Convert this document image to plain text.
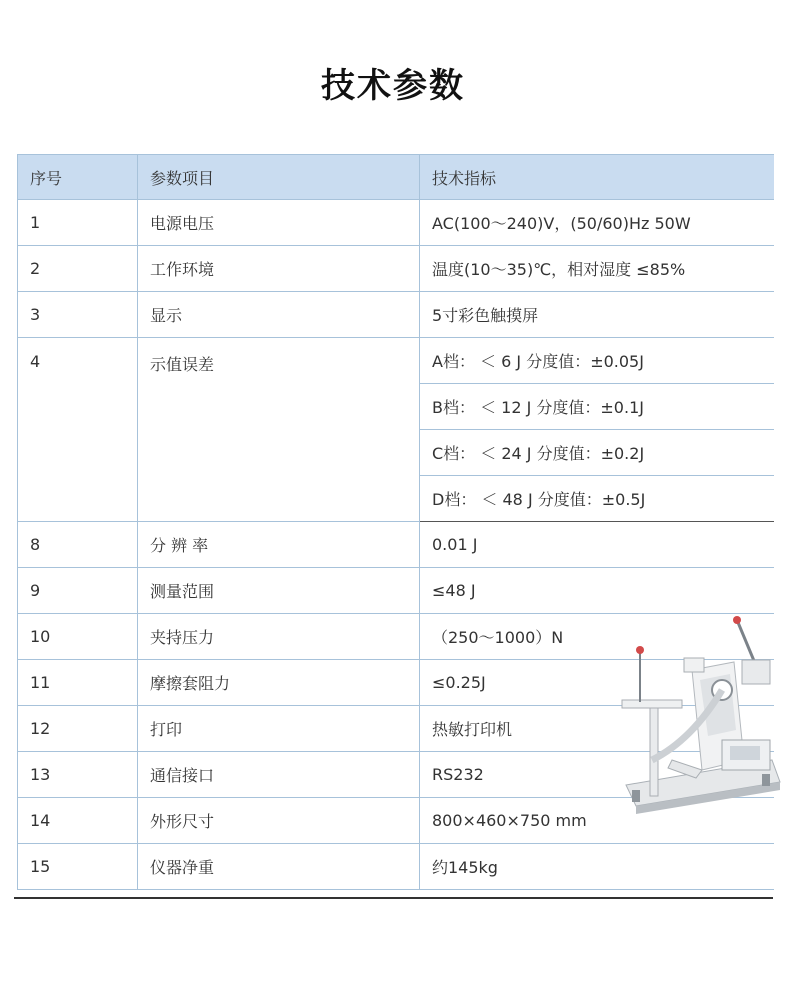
技术参数
序号	参数项目	技术指标
1	电源电压	AC(100～240)V，(50/60)Hz 50W
2	工作环境	温度(10～35)℃，相对湿度 ≤85%
3	显示	5寸彩色触摸屏
4	示值误差	A档： ＜ 6 J 分度值：±0.05J
		B档： ＜ 12 J 分度值：±0.1J
		C档： ＜ 24 J 分度值：±0.2J
		D档： ＜ 48 J 分度值：±0.5J
8	分 辨 率	0.01 J
9	测量范围	≤48 J
10	夹持压力	（250～1000）N
11	摩擦套阻力	≤0.25J
12	打印	热敏打印机
13	通信接口	RS232
14	外形尺寸	800×460×750 mm
15	仪器净重	约145kg
